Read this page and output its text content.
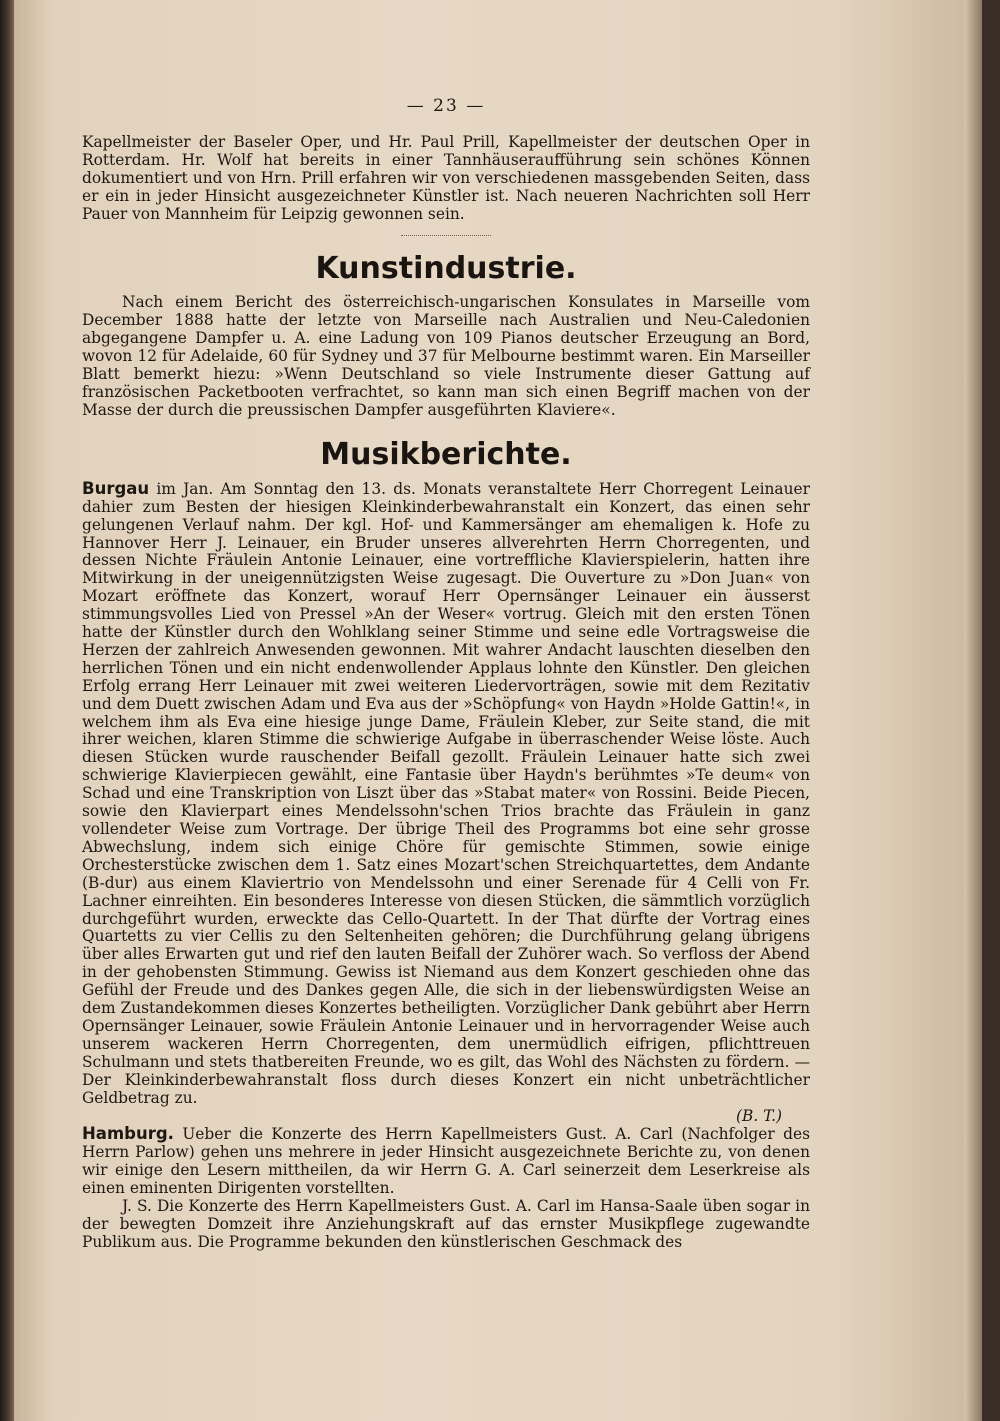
— 23 —

Kapellmeister der Baseler Oper, und Hr. Paul Prill, Kapellmeister der deutschen Oper in Rotterdam. Hr. Wolf hat bereits in einer Tannhäuseraufführung sein schönes Können dokumentiert und von Hrn. Prill erfahren wir von verschiedenen massgebenden Seiten, dass er ein in jeder Hinsicht ausgezeichneter Künstler ist. Nach neueren Nachrichten soll Herr Pauer von Mannheim für Leipzig gewonnen sein.

Kunstindustrie.

Nach einem Bericht des österreichisch-ungarischen Konsulates in Marseille vom December 1888 hatte der letzte von Marseille nach Australien und Neu-Caledonien abgegangene Dampfer u. A. eine Ladung von 109 Pianos deutscher Erzeugung an Bord, wovon 12 für Adelaide, 60 für Sydney und 37 für Melbourne bestimmt waren. Ein Marseiller Blatt bemerkt hiezu: »Wenn Deutschland so viele Instrumente dieser Gattung auf französischen Packetbooten verfrachtet, so kann man sich einen Begriff machen von der Masse der durch die preussischen Dampfer ausgeführten Klaviere«.

Musikberichte.

Burgau im Jan. Am Sonntag den 13. ds. Monats veranstaltete Herr Chorregent Leinauer dahier zum Besten der hiesigen Kleinkinderbewahranstalt ein Konzert, das einen sehr gelungenen Verlauf nahm. Der kgl. Hof- und Kammersänger am ehemaligen k. Hofe zu Hannover Herr J. Leinauer, ein Bruder unseres allverehrten Herrn Chorregenten, und dessen Nichte Fräulein Antonie Leinauer, eine vortreffliche Klavierspielerin, hatten ihre Mitwirkung in der uneigennützigsten Weise zugesagt. Die Ouverture zu »Don Juan« von Mozart eröffnete das Konzert, worauf Herr Opernsänger Leinauer ein äusserst stimmungsvolles Lied von Pressel »An der Weser« vortrug. Gleich mit den ersten Tönen hatte der Künstler durch den Wohlklang seiner Stimme und seine edle Vortragsweise die Herzen der zahlreich Anwesenden gewonnen. Mit wahrer Andacht lauschten dieselben den herrlichen Tönen und ein nicht endenwollender Applaus lohnte den Künstler. Den gleichen Erfolg errang Herr Leinauer mit zwei weiteren Liedervorträgen, sowie mit dem Rezitativ und dem Duett zwischen Adam und Eva aus der »Schöpfung« von Haydn »Holde Gattin!«, in welchem ihm als Eva eine hiesige junge Dame, Fräulein Kleber, zur Seite stand, die mit ihrer weichen, klaren Stimme die schwierige Aufgabe in überraschender Weise löste. Auch diesen Stücken wurde rauschender Beifall gezollt. Fräulein Leinauer hatte sich zwei schwierige Klavierpiecen gewählt, eine Fantasie über Haydn's berühmtes »Te deum« von Schad und eine Transkription von Liszt über das »Stabat mater« von Rossini. Beide Piecen, sowie den Klavierpart eines Mendelssohn'schen Trios brachte das Fräulein in ganz vollendeter Weise zum Vortrage. Der übrige Theil des Programms bot eine sehr grosse Abwechslung, indem sich einige Chöre für gemischte Stimmen, sowie einige Orchesterstücke zwischen dem 1. Satz eines Mozart'schen Streichquartettes, dem Andante (B-dur) aus einem Klaviertrio von Mendelssohn und einer Serenade für 4 Celli von Fr. Lachner einreihten. Ein besonderes Interesse von diesen Stücken, die sämmtlich vorzüglich durchgeführt wurden, erweckte das Cello-Quartett. In der That dürfte der Vortrag eines Quartetts zu vier Cellis zu den Seltenheiten gehören; die Durchführung gelang übrigens über alles Erwarten gut und rief den lauten Beifall der Zuhörer wach. So verfloss der Abend in der gehobensten Stimmung. Gewiss ist Niemand aus dem Konzert geschieden ohne das Gefühl der Freude und des Dankes gegen Alle, die sich in der liebenswürdigsten Weise an dem Zustandekommen dieses Konzertes betheiligten. Vorzüglicher Dank gebührt aber Herrn Opernsänger Leinauer, sowie Fräulein Antonie Leinauer und in hervorragender Weise auch unserem wackeren Herrn Chorregenten, dem unermüdlich eifrigen, pflichttreuen Schulmann und stets thatbereiten Freunde, wo es gilt, das Wohl des Nächsten zu fördern. — Der Kleinkinderbewahranstalt floss durch dieses Konzert ein nicht unbeträchtlicher Geldbetrag zu.

(B. T.)

Hamburg. Ueber die Konzerte des Herrn Kapellmeisters Gust. A. Carl (Nachfolger des Herrn Parlow) gehen uns mehrere in jeder Hinsicht ausgezeichnete Berichte zu, von denen wir einige den Lesern mittheilen, da wir Herrn G. A. Carl seinerzeit dem Leserkreise als einen eminenten Dirigenten vorstellten.

J. S. Die Konzerte des Herrn Kapellmeisters Gust. A. Carl im Hansa-Saale üben sogar in der bewegten Domzeit ihre Anziehungskraft auf das ernster Musikpflege zugewandte Publikum aus. Die Programme bekunden den künstlerischen Geschmack des
